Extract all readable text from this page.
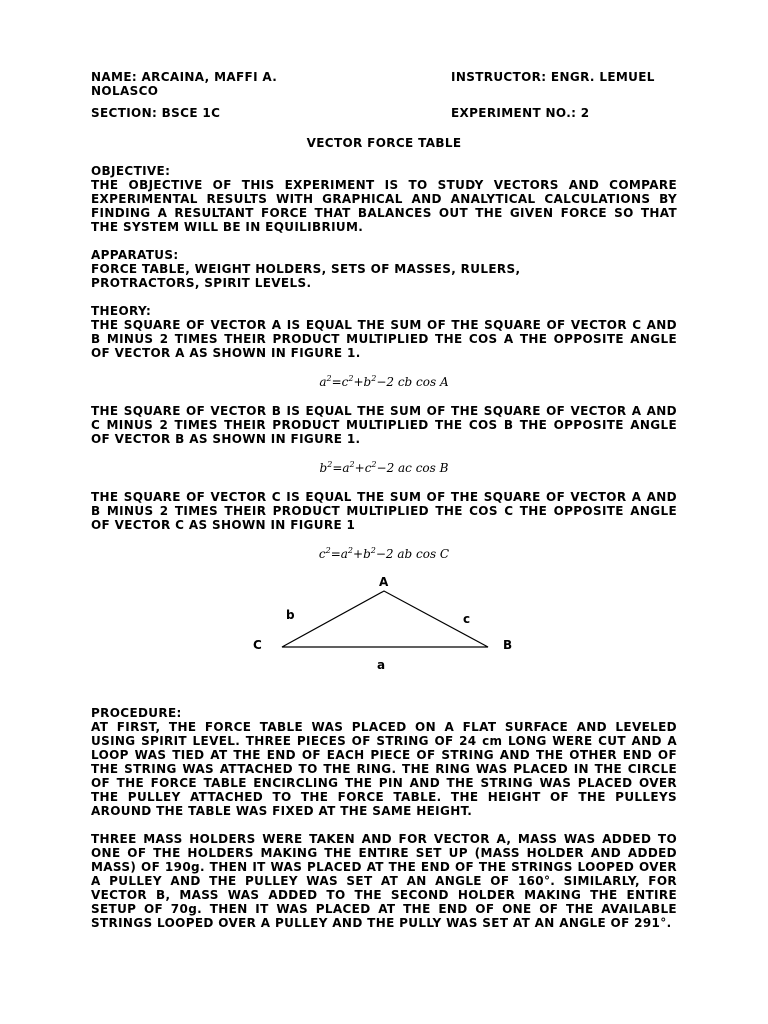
NAME: ARCAINA, MAFFI A.

NOLASCO

INSTRUCTOR: ENGR. LEMUEL

SECTION: BSCE 1C	EXPERIMENT NO.: 2

VECTOR FORCE TABLE

OBJECTIVE:

THE OBJECTIVE OF THIS EXPERIMENT IS TO STUDY VECTORS AND COMPARE EXPERIMENTAL RESULTS WITH GRAPHICAL AND ANALYTICAL CALCULATIONS BY FINDING A RESULTANT FORCE THAT BALANCES OUT THE GIVEN FORCE SO THAT THE SYSTEM WILL BE IN EQUILIBRIUM.

APPARATUS:

FORCE TABLE, WEIGHT HOLDERS, SETS OF MASSES, RULERS,

PROTRACTORS, SPIRIT LEVELS.

THEORY:

THE SQUARE OF VECTOR A IS EQUAL THE SUM OF THE SQUARE OF VECTOR C AND B MINUS 2 TIMES THEIR PRODUCT MULTIPLIED THE COS A THE OPPOSITE ANGLE OF VECTOR A AS SHOWN IN FIGURE 1.

$a^2=c^2+b^2-2$ cb cos A

THE SQUARE OF VECTOR B IS EQUAL THE SUM OF THE SQUARE OF VECTOR A AND C MINUS 2 TIMES THEIR PRODUCT MULTIPLIED THE COS B THE OPPOSITE ANGLE OF VECTOR B AS SHOWN IN FIGURE 1.

$b^2=a^2+c^2-2$ ac cos B

THE SQUARE OF VECTOR C IS EQUAL THE SUM OF THE SQUARE OF VECTOR A AND B MINUS 2 TIMES THEIR PRODUCT MULTIPLIED THE COS C THE OPPOSITE ANGLE OF VECTOR C AS SHOWN IN FIGURE 1

$c^2=a^2+b^2-2$ ab cos C
A
C	B
b	c
a

PROCEDURE:

AT FIRST, THE FORCE TABLE WAS PLACED ON A FLAT SURFACE AND LEVELED USING SPIRIT LEVEL. THREE PIECES OF STRING OF 24 cm LONG WERE CUT AND A LOOP WAS TIED AT THE END OF EACH PIECE OF STRING AND THE OTHER END OF THE STRING WAS ATTACHED TO THE RING. THE RING WAS PLACED IN THE CIRCLE OF THE FORCE TABLE ENCIRCLING THE PIN AND THE STRING WAS PLACED OVER THE PULLEY ATTACHED TO THE FORCE TABLE. THE HEIGHT OF THE PULLEYS AROUND THE TABLE WAS FIXED AT THE SAME HEIGHT.

THREE MASS HOLDERS WERE TAKEN AND FOR VECTOR A, MASS WAS ADDED TO ONE OF THE HOLDERS MAKING THE ENTIRE SET UP (MASS HOLDER AND ADDED MASS) OF 190g. THEN IT WAS PLACED AT THE END OF THE STRINGS LOOPED OVER A PULLEY AND THE PULLEY WAS SET AT AN ANGLE OF 160°. SIMILARLY, FOR VECTOR B, MASS WAS ADDED TO THE SECOND HOLDER MAKING THE ENTIRE SETUP OF 70g. THEN IT WAS PLACED AT THE END OF ONE OF THE AVAILABLE STRINGS LOOPED OVER A PULLEY AND THE PULLY WAS SET AT AN ANGLE OF 291°.
